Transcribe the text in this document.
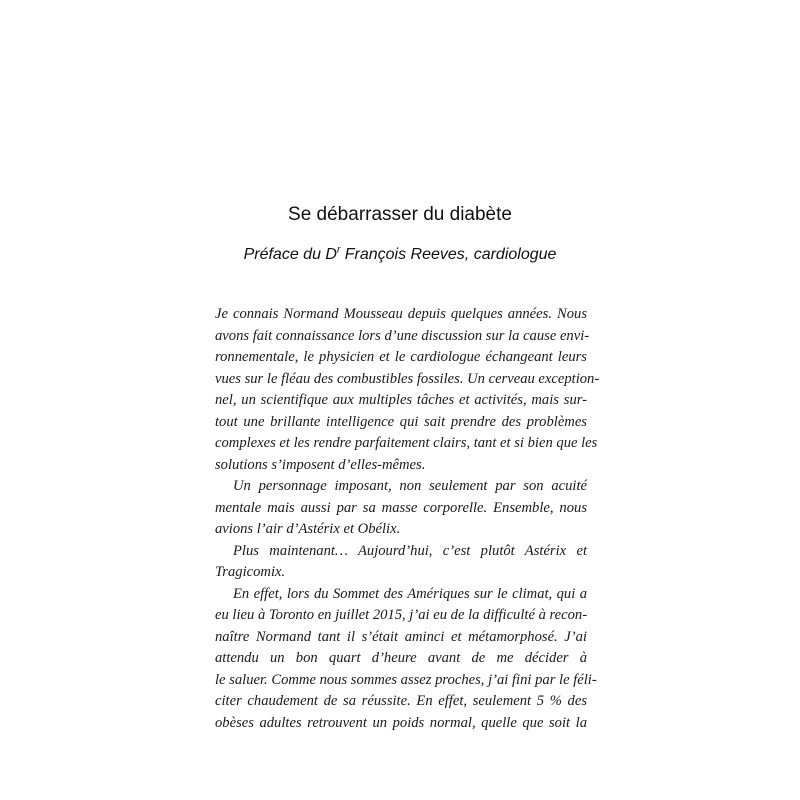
Se débarrasser du diabète

Préface du $D^r$ François Reeves, cardiologue

Je connais Normand Mousseau depuis quelques années. Nous
avons fait connaissance lors d’une discussion sur la cause envi-
ronnementale, le physicien et le cardiologue échangeant leurs
vues sur le fléau des combustibles fossiles. Un cerveau exception-
nel, un scientifique aux multiples tâches et activités, mais sur-
tout une brillante intelligence qui sait prendre des problèmes
complexes et les rendre parfaitement clairs, tant et si bien que les
solutions s’imposent d’elles-mêmes.
Un personnage imposant, non seulement par son acuité
mentale mais aussi par sa masse corporelle. Ensemble, nous
avions l’air d’Astérix et Obélix.
Plus maintenant… Aujourd’hui, c’est plutôt Astérix et
Tragicomix.
En effet, lors du Sommet des Amériques sur le climat, qui a
eu lieu à Toronto en juillet 2015, j’ai eu de la difficulté à recon-
naître Normand tant il s’était aminci et métamorphosé. J’ai
attendu un bon quart d’heure avant de me décider à
le saluer. Comme nous sommes assez proches, j’ai fini par le féli-
citer chaudement de sa réussite. En effet, seulement 5 % des
obèses adultes retrouvent un poids normal, quelle que soit la
